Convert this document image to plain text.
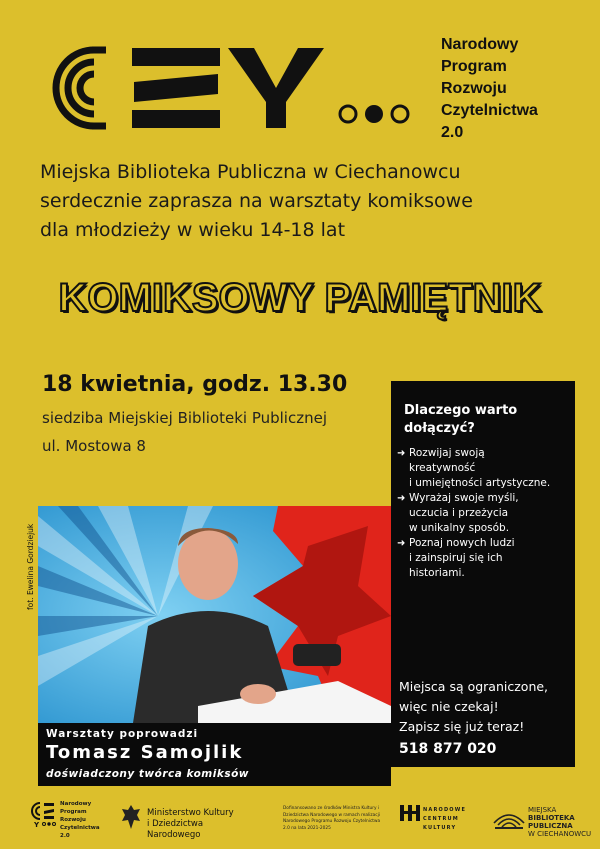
Narodowy
Program
Rozwoju
Czytelnictwa
2.0
Miejska Biblioteka Publiczna w Ciechanowcu
serdecznie zaprasza na warsztaty komiksowe
dla młodzieży w wieku 14-18 lat
KOMIKSOWY PAMIĘTNIK
18 kwietnia, godz. 13.30
siedziba Miejskiej Biblioteki Publicznej
ul. Mostowa 8
fot. Ewelina Gordziejuk
Warsztaty poprowadzi
Tomasz Samojlik
doświadczony twórca komiksów
Dlaczego warto
dołączyć?
➜ Rozwijaj swoją
kreatywność
i umiejętności artystyczne.
➜ Wyrażaj swoje myśli,
uczucia i przeżycia
w unikalny sposób.
➜ Poznaj nowych ludzi
i zainspiruj się ich
historiami.
Miejsca są ograniczone,
więc nie czekaj!
Zapisz się już teraz!
518 877 020
Y
Narodowy
Program
Rozwoju
Czytelnictwa
2.0
Ministerstwo Kultury
i Dziedzictwa Narodowego
Dofinansowano ze środków Ministra Kultury i Dziedzictwa Narodowego w ramach realizacji Narodowego Programu Rozwoju Czytelnictwa 2.0 na lata 2021-2025
NARODOWE
CENTRUM
KULTURY
MIEJSKA
BIBLIOTEKA
PUBLICZNA
W CIECHANOWCU
